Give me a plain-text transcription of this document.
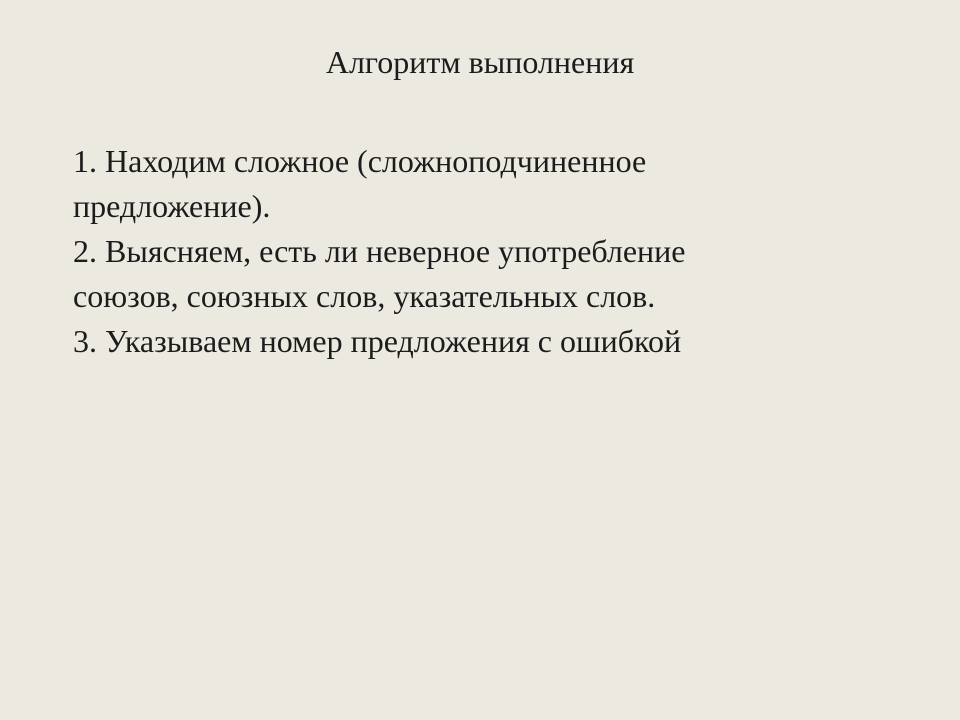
Алгоритм выполнения
1. Находим сложное (сложноподчиненное
предложение).
2. Выясняем, есть ли неверное употребление
союзов, союзных слов, указательных слов.
3. Указываем номер предложения с ошибкой
